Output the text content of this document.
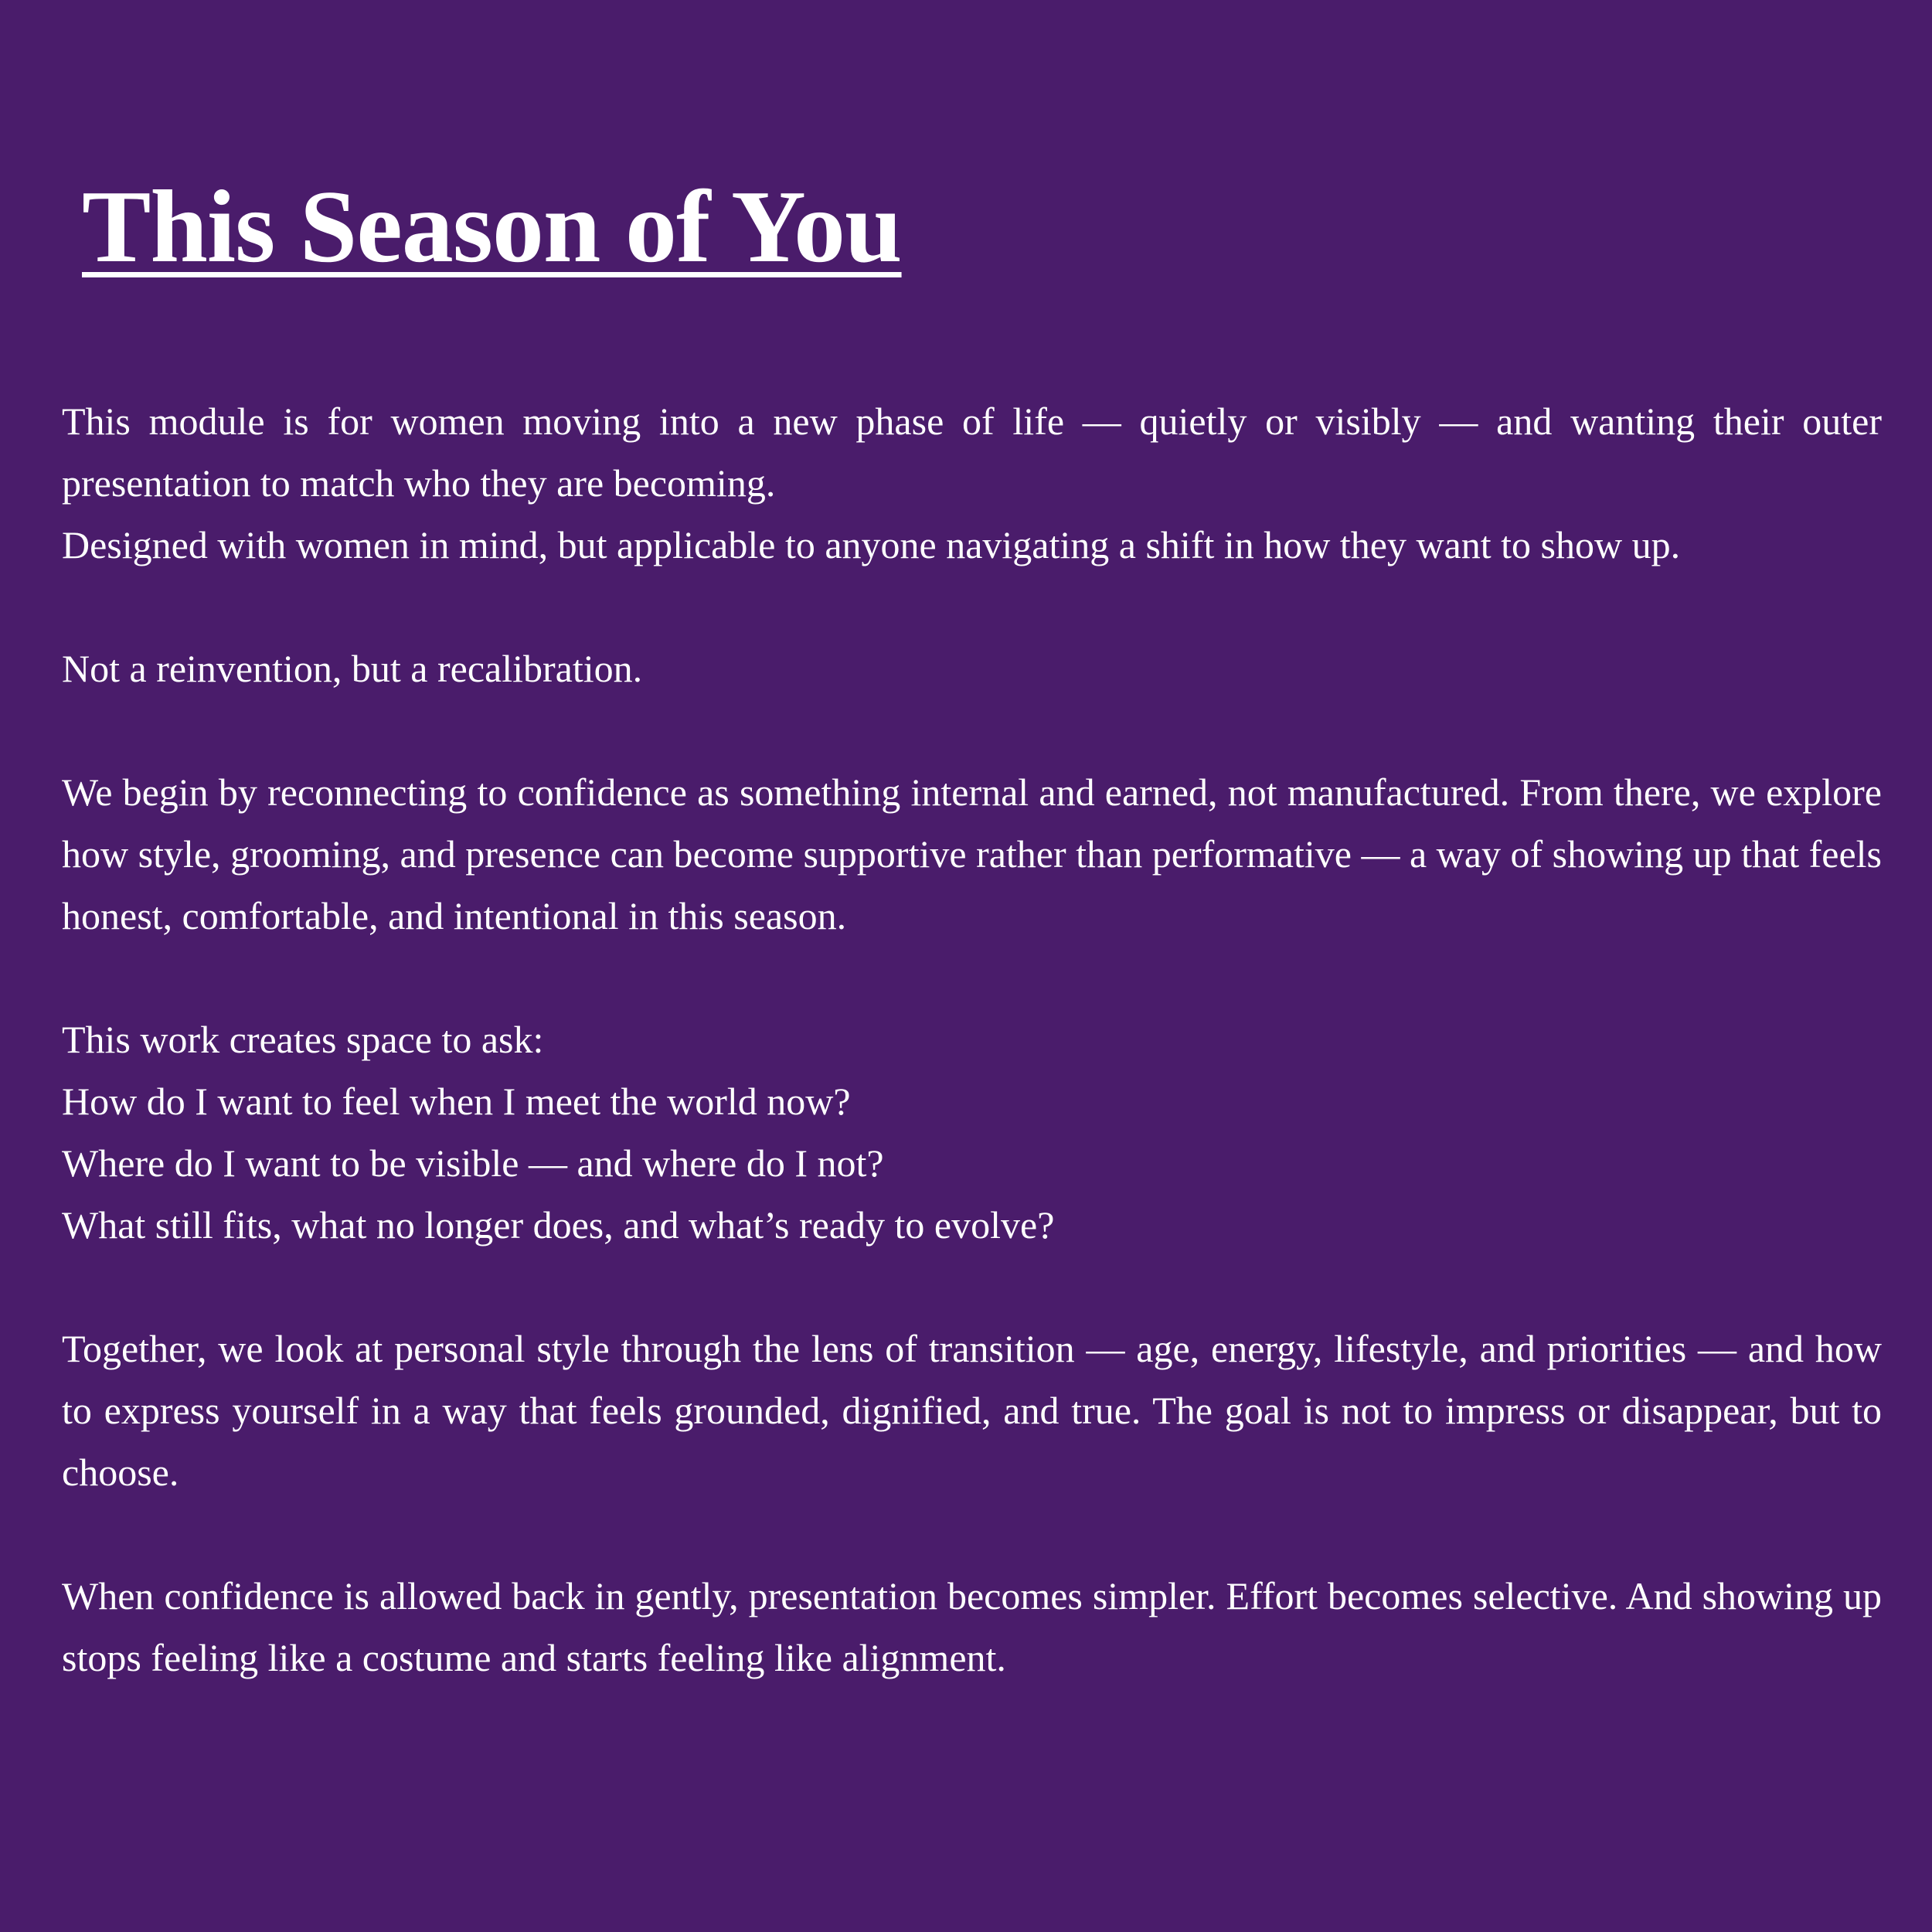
This Season of You

This module is for women moving into a new phase of life — quietly or visibly — and wanting their outer presentation to match who they are becoming.

Designed with women in mind, but applicable to anyone navigating a shift in how they want to show up.

Not a reinvention, but a recalibration.

We begin by reconnecting to confidence as something internal and earned, not manufactured. From there, we explore how style, grooming, and presence can become supportive rather than performative — a way of showing up that feels honest, comfortable, and intentional in this season.

This work creates space to ask:

How do I want to feel when I meet the world now?

Where do I want to be visible — and where do I not?

What still fits, what no longer does, and what’s ready to evolve?

Together, we look at personal style through the lens of transition — age, energy, lifestyle, and priorities — and how to express yourself in a way that feels grounded, dignified, and true. The goal is not to impress or disappear, but to choose.

When confidence is allowed back in gently, presentation becomes simpler. Effort becomes selective. And showing up stops feeling like a costume and starts feeling like alignment.
